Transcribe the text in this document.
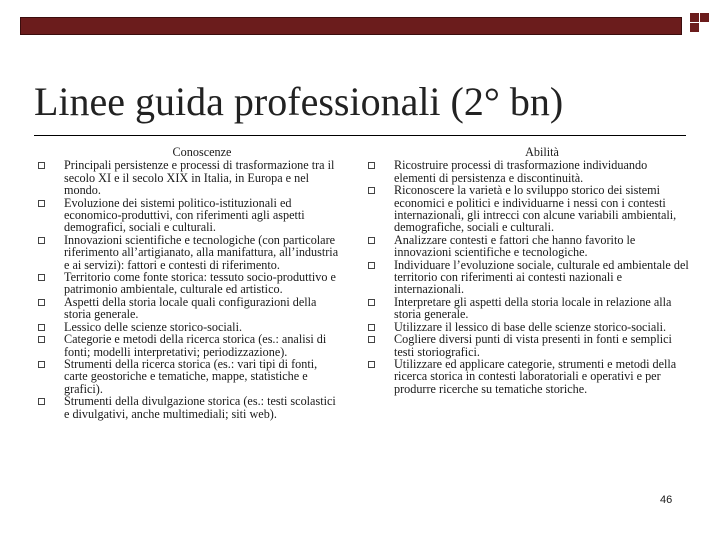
Linee guida professionali (2° bn)
Conoscenze
Principali persistenze e processi di trasformazione tra il secolo XI e il secolo XIX in Italia, in Europa e nel mondo.
Evoluzione dei sistemi politico-istituzionali ed economico-produttivi, con riferimenti agli aspetti demografici, sociali e culturali.
Innovazioni scientifiche e tecnologiche (con particolare riferimento all’artigianato, alla manifattura, all’industria e ai servizi): fattori e contesti di riferimento.
Territorio come fonte storica: tessuto socio-produttivo e patrimonio ambientale, culturale ed artistico.
Aspetti della storia locale quali configurazioni della storia generale.
Lessico delle scienze storico-sociali.
Categorie e metodi della ricerca storica (es.: analisi di fonti; modelli interpretativi; periodizzazione).
Strumenti della ricerca storica (es.: vari tipi di fonti, carte geostoriche e tematiche, mappe, statistiche e grafici).
Strumenti della divulgazione storica (es.: testi scolastici e divulgativi, anche multimediali; siti web).
Abilità
Ricostruire processi di trasformazione individuando elementi di persistenza e discontinuità.
Riconoscere la varietà e lo sviluppo storico dei sistemi economici e politici e individuarne i nessi con i contesti internazionali, gli intrecci con alcune variabili ambientali, demografiche, sociali e culturali.
Analizzare contesti e fattori che hanno favorito le innovazioni scientifiche e tecnologiche.
Individuare l’evoluzione sociale, culturale ed ambientale del territorio con riferimenti ai contesti nazionali e internazionali.
Interpretare gli aspetti della storia locale in relazione alla storia generale.
Utilizzare il lessico di base delle scienze storico-sociali.
Cogliere diversi punti di vista presenti in fonti e semplici testi storiografici.
Utilizzare ed applicare categorie, strumenti e metodi della ricerca storica in contesti laboratoriali e operativi e per produrre ricerche su tematiche storiche.
46
